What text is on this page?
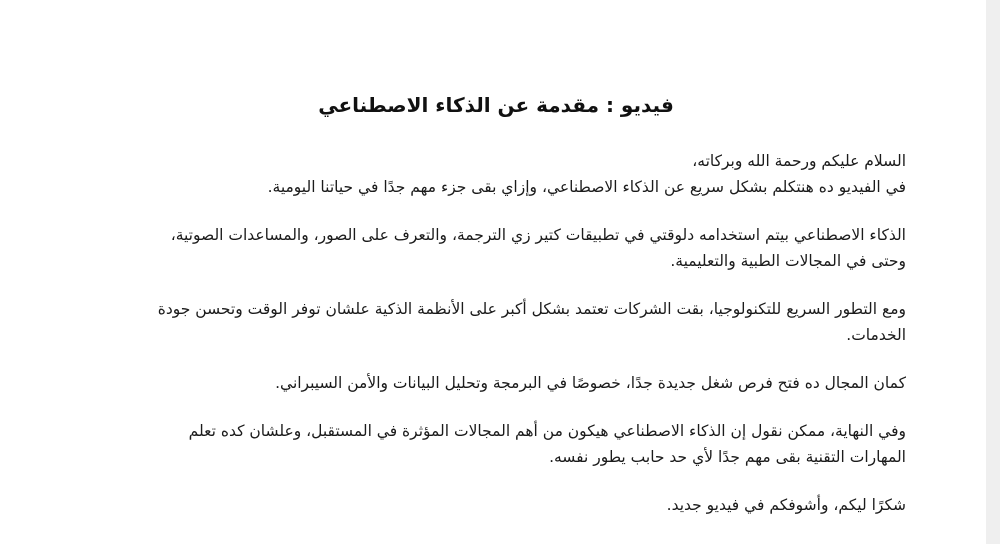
فيديو : مقدمة عن الذكاء الاصطناعي

السلام عليكم ورحمة الله وبركاته،
في الفيديو ده هنتكلم بشكل سريع عن الذكاء الاصطناعي، وإزاي بقى جزء مهم جدًا في حياتنا اليومية.

الذكاء الاصطناعي بيتم استخدامه دلوقتي في تطبيقات كتير زي الترجمة، والتعرف على الصور، والمساعدات الصوتية،
وحتى في المجالات الطبية والتعليمية.

ومع التطور السريع للتكنولوجيا، بقت الشركات تعتمد بشكل أكبر على الأنظمة الذكية علشان توفر الوقت وتحسن جودة
الخدمات.

كمان المجال ده فتح فرص شغل جديدة جدًا، خصوصًا في البرمجة وتحليل البيانات والأمن السيبراني.

وفي النهاية، ممكن نقول إن الذكاء الاصطناعي هيكون من أهم المجالات المؤثرة في المستقبل، وعلشان كده تعلم
المهارات التقنية بقى مهم جدًا لأي حد حابب يطور نفسه.

شكرًا ليكم، وأشوفكم في فيديو جديد.
